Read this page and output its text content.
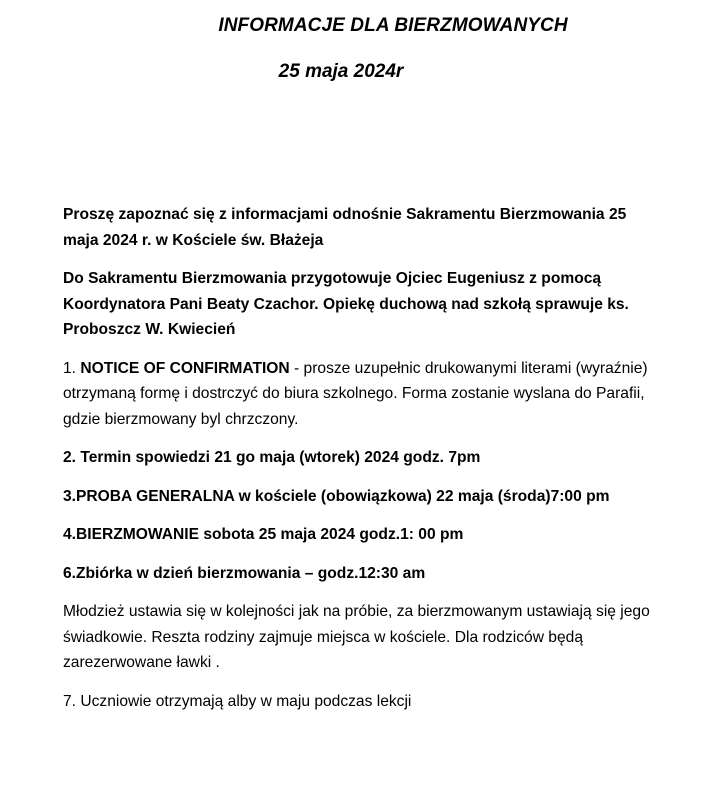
INFORMACJE DLA BIERZMOWANYCH
25 maja 2024r

Proszę zapoznać się z informacjami odnośnie Sakramentu Bierzmowania 25 maja 2024 r. w Kościele św. Błażeja

Do Sakramentu Bierzmowania przygotowuje Ojciec Eugeniusz z pomocą Koordynatora Pani Beaty Czachor. Opiekę duchową nad szkołą sprawuje ks. Proboszcz W. Kwiecień

1. NOTICE OF CONFIRMATION - prosze uzupełnic drukowanymi literami (wyraźnie) otrzymaną formę i dostrczyć do biura szkolnego. Forma zostanie wyslana do Parafii, gdzie bierzmowany byl chrzczony.

2. Termin spowiedzi 21 go maja (wtorek) 2024 godz. 7pm

3.PROBA GENERALNA w kościele (obowiązkowa) 22 maja (środa)7:00 pm

4.BIERZMOWANIE sobota 25 maja 2024 godz.1: 00 pm

6.Zbiórka w dzień bierzmowania – godz.12:30 am

Młodzież ustawia się w kolejności jak na próbie, za bierzmowanym ustawiają się jego świadkowie. Reszta rodziny zajmuje miejsca w kościele. Dla rodziców będą zarezerwowane ławki .

7. Uczniowie otrzymają alby w maju podczas lekcji
